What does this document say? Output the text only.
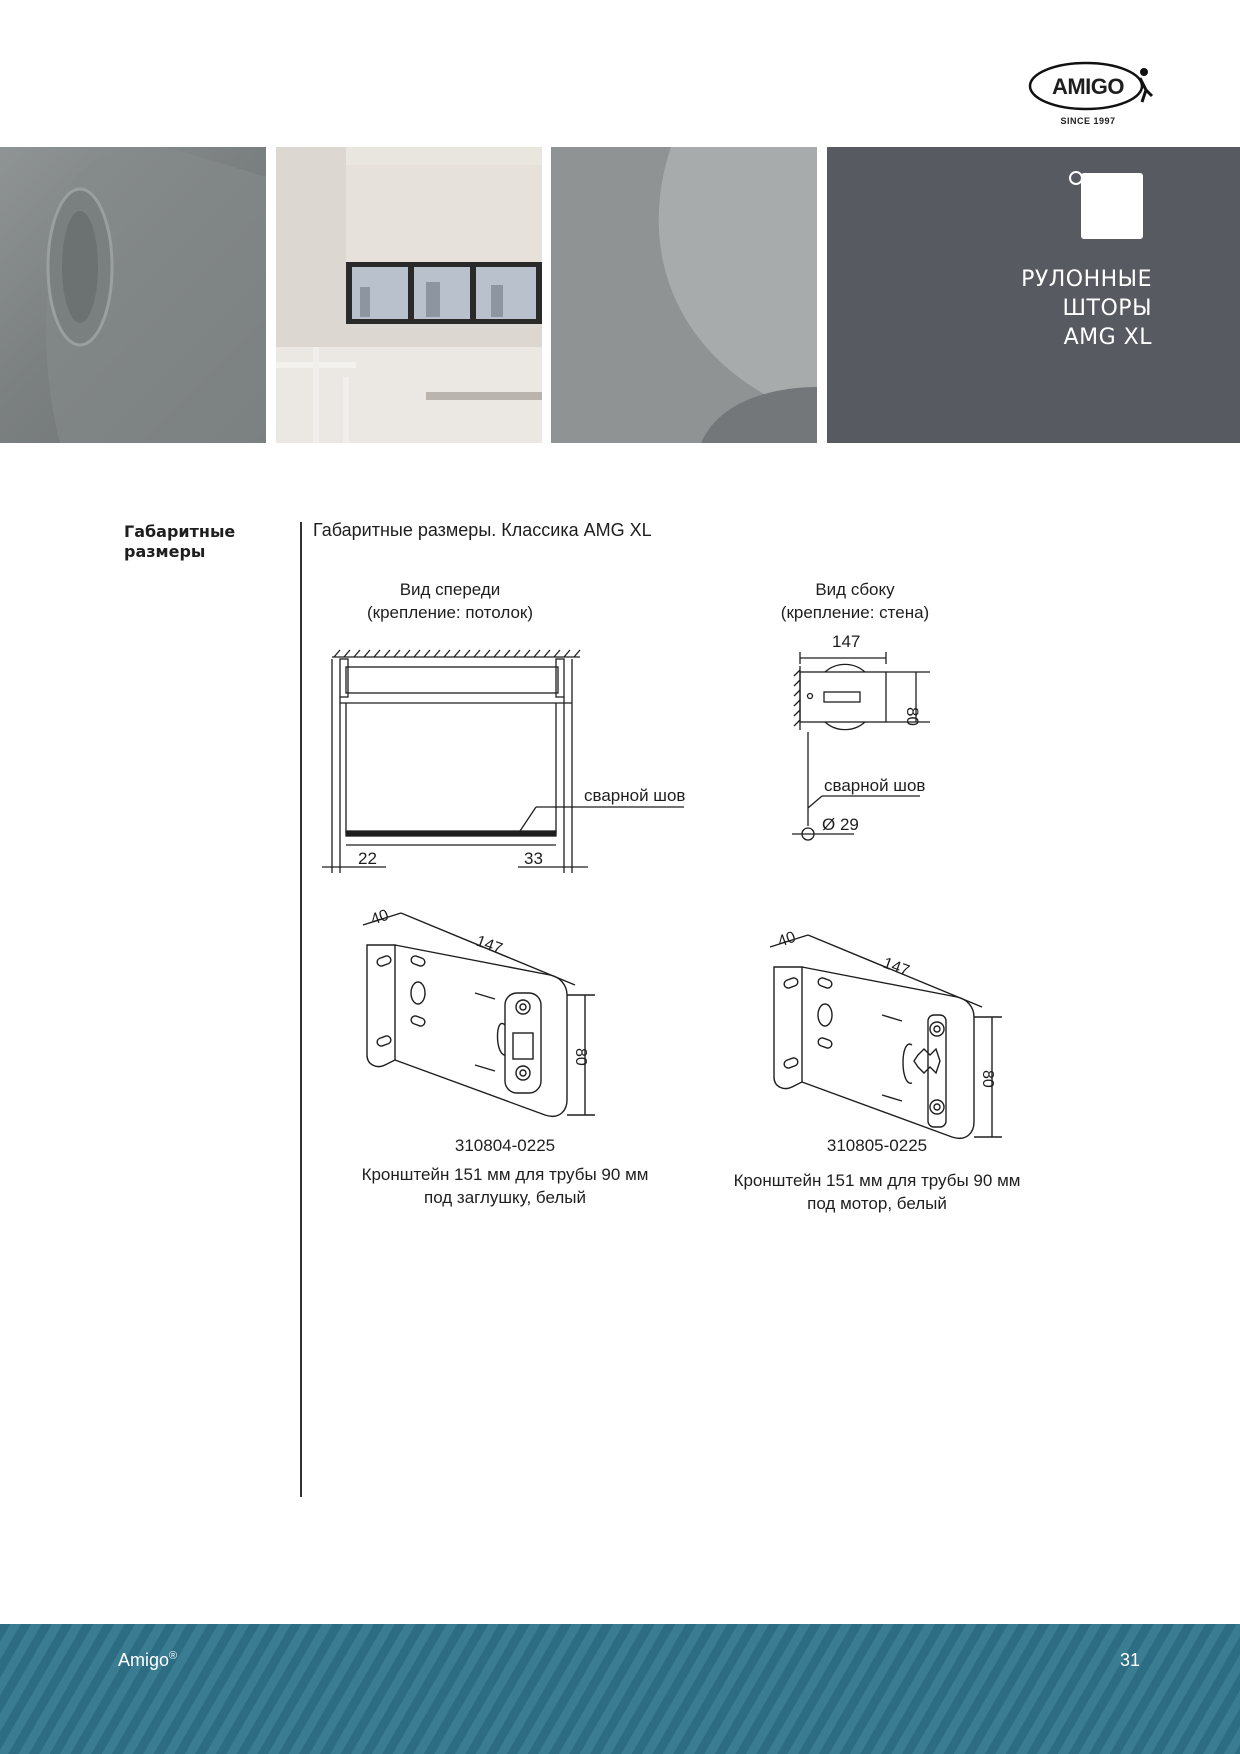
AMIGO
SINCE 1997
РУЛОННЫЕ
ШТОРЫ
AMG XL
Габаритные
размеры
Габаритные размеры. Классика AMG XL
Вид спереди
(крепление: потолок)
Вид сбоку
(крепление: стена)
22	33
сварной шов
147
80
сварной шов
Ø 29
40
147
80
40
147
80
310804-0225
Кронштейн 151 мм для трубы 90 мм
под заглушку, белый
310805-0225
Кронштейн 151 мм для трубы 90 мм
под мотор, белый
Amigo®	31
